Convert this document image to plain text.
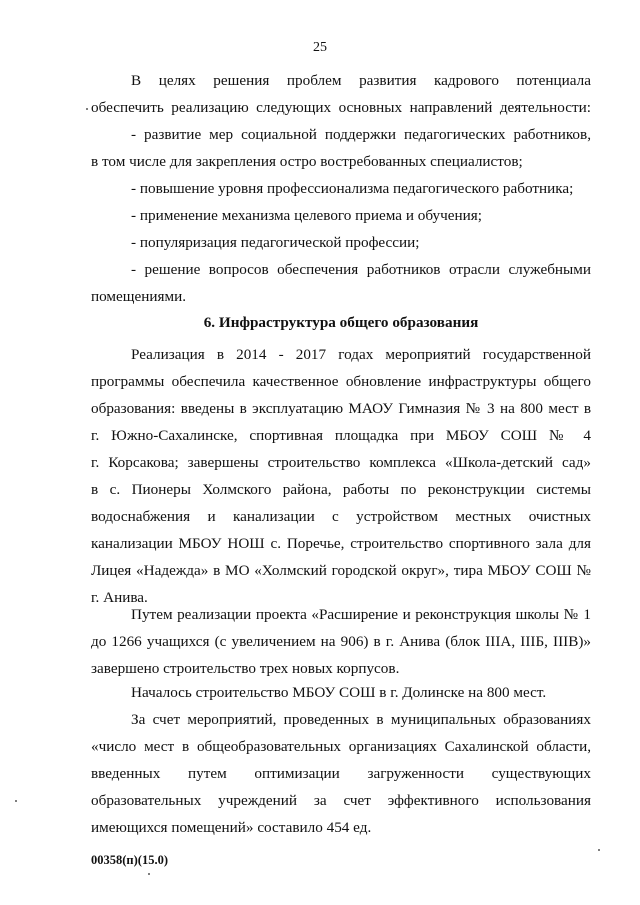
25
В целях решения проблем развития кадрового потенциала
обеспечить реализацию следующих основных направлений деятельности:
- развитие мер социальной поддержки педагогических работников,
в том числе для закрепления остро востребованных специалистов;
- повышение уровня профессионализма педагогического работника;
- применение механизма целевого приема и обучения;
- популяризация педагогической профессии;
- решение вопросов обеспечения работников отрасли служебными
помещениями.
6. Инфраструктура общего образования
Реализация в 2014 - 2017 годах мероприятий государственной
программы обеспечила качественное обновление инфраструктуры общего
образования: введены в эксплуатацию МАОУ Гимназия № 3 на 800 мест в
г. Южно-Сахалинске, спортивная площадка при МБОУ СОШ № 4
г. Корсакова; завершены строительство комплекса «Школа-детский сад»
в с. Пионеры Холмского района, работы по реконструкции системы
водоснабжения и канализации с устройством местных очистных
канализации МБОУ НОШ с. Поречье, строительство спортивного зала для
Лицея «Надежда» в МО «Холмский городской округ», тира МБОУ СОШ №
г. Анива.
Путем реализации проекта «Расширение и реконструкция школы № 1
до 1266 учащихся (с увеличением на 906) в г. Анива (блок IIIА, IIIБ, IIIВ)»
завершено строительство трех новых корпусов.
Началось строительство МБОУ СОШ в г. Долинске на 800 мест.
За счет мероприятий, проведенных в муниципальных образованиях
«число мест в общеобразовательных организациях Сахалинской области,
введенных путем оптимизации загруженности существующих
образовательных учреждений за счет эффективного использования
имеющихся помещений» составило 454 ед.
00358(п)(15.0)
